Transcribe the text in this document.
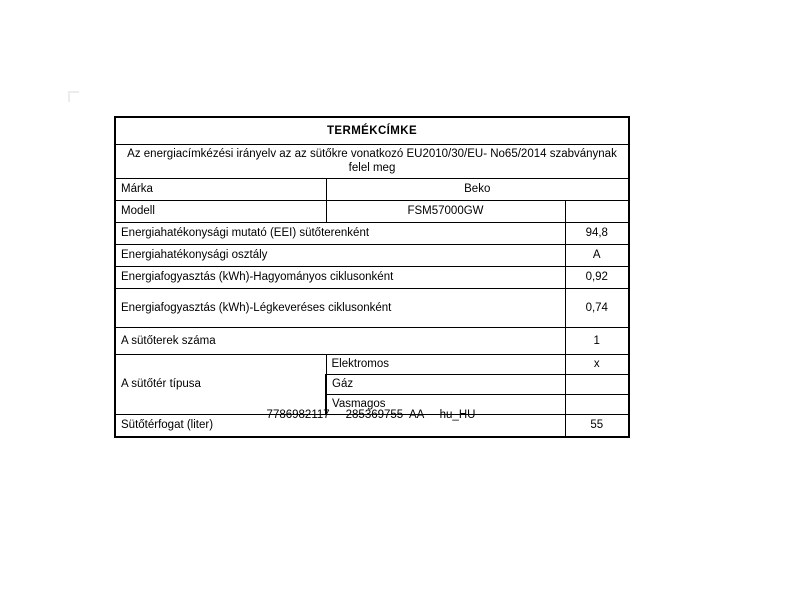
TERMÉKCÍMKE		
Az energiacímkézési irányelv az az sütőkre vonatkozó EU2010/30/EU- No65/2014 szabványnak felel meg		
Márka	Beko	
Modell	FSM57000GW	
Energiahatékonysági mutató (EEI) sütőterenként		94,8
Energiahatékonysági osztály		A
Energiafogyasztás (kWh)-Hagyományos ciklusonként		0,92
Energiafogyasztás (kWh)-Légkeveréses ciklusonként		0,74
A sütőterek száma		1
A sütőtér típusa	Elektromos	x
	Gáz	
	Vasmagos	
Sütőtérfogat (liter)		55
7786982117     285369755  AA     hu_HU
